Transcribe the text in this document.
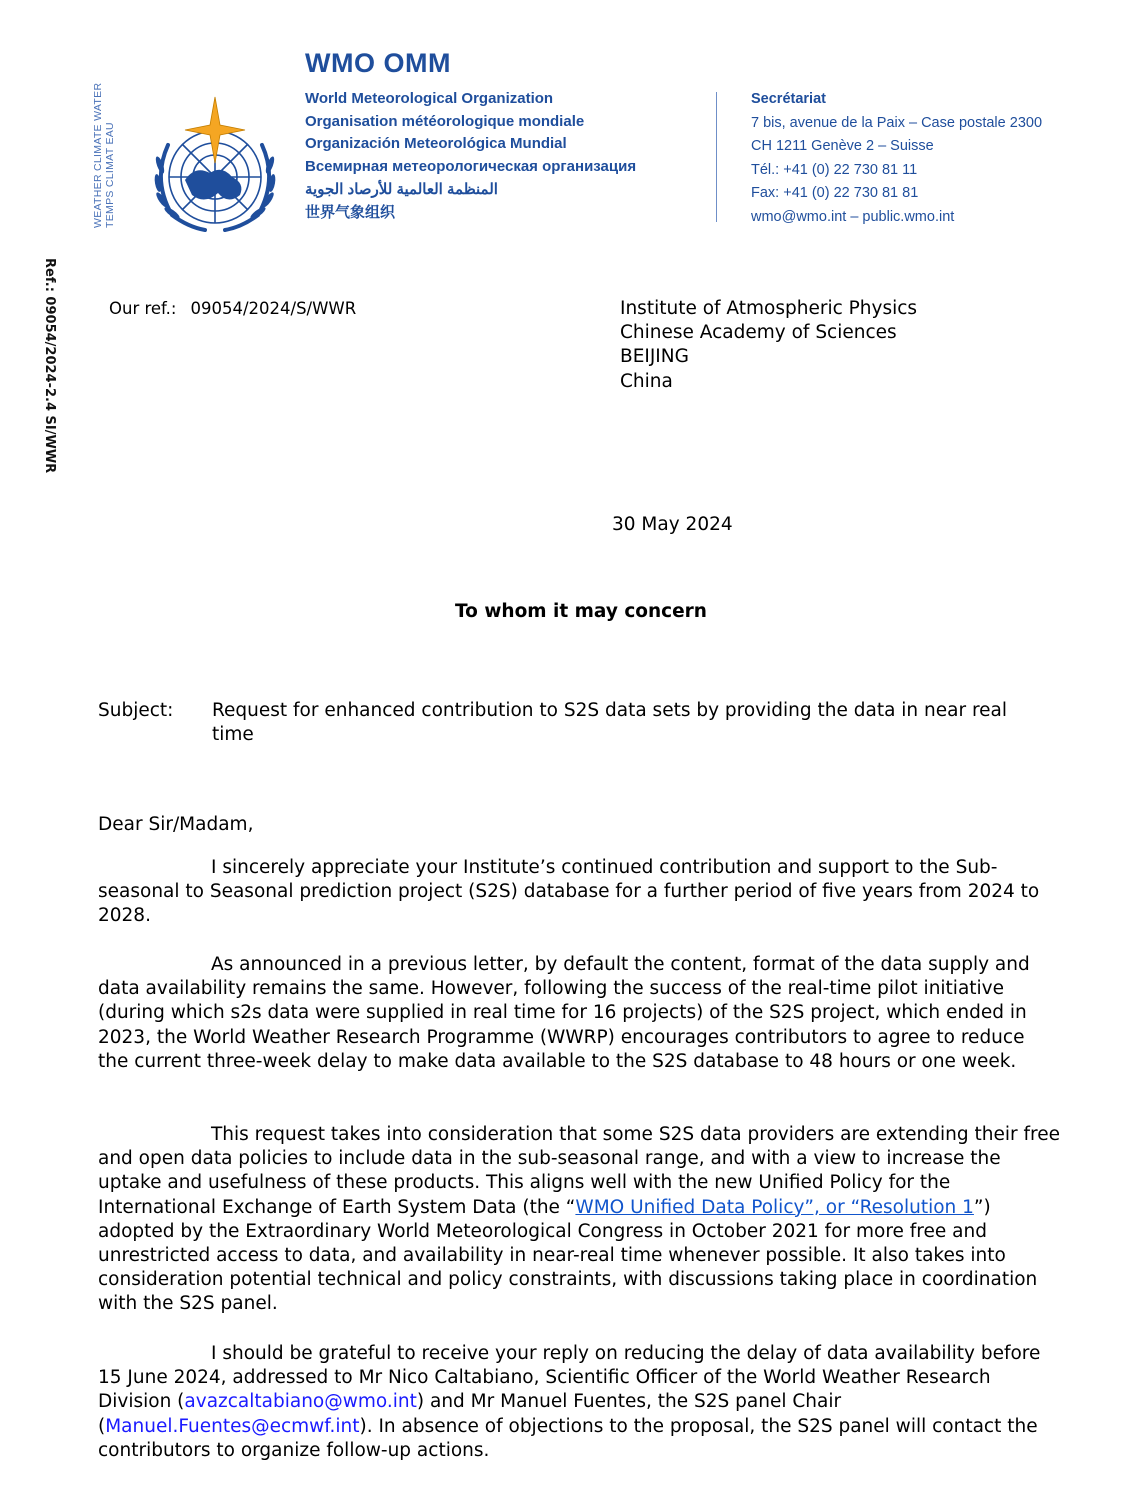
WEATHER CLIMATE WATER TEMPS CLIMAT EAU
WMO OMM
World Meteorological Organization
Organisation météorologique mondiale
Organización Meteorológica Mundial
Всемирная метеорологическая организация
المنظمة العالمية للأرصاد الجوية
世界气象组织
Secrétariat
7 bis, avenue de la Paix – Case postale 2300
CH 1211 Genève 2 – Suisse
Tél.: +41 (0) 22 730 81 11
Fax: +41 (0) 22 730 81 81
wmo@wmo.int – public.wmo.int
Ref.: 09054/2024-2.4 SI/WWR	Our ref.: 09054/2024/S/WWR	Institute of Atmospheric Physics
Chinese Academy of Sciences
BEIJING
China
30 May 2024
To whom it may concern
Subject: Request for enhanced contribution to S2S data sets by providing the data in near real time
Dear Sir/Madam,
I sincerely appreciate your Institute’s continued contribution and support to the Sub-seasonal to Seasonal prediction project (S2S) database for a further period of five years from 2024 to 2028.
As announced in a previous letter, by default the content, format of the data supply and data availability remains the same. However, following the success of the real-time pilot initiative (during which s2s data were supplied in real time for 16 projects) of the S2S project, which ended in 2023, the World Weather Research Programme (WWRP) encourages contributors to agree to reduce the current three-week delay to make data available to the S2S database to 48 hours or one week.
This request takes into consideration that some S2S data providers are extending their free and open data policies to include data in the sub-seasonal range, and with a view to increase the uptake and usefulness of these products. This aligns well with the new Unified Policy for the International Exchange of Earth System Data (the “WMO Unified Data Policy”, or “Resolution 1”) adopted by the Extraordinary World Meteorological Congress in October 2021 for more free and unrestricted access to data, and availability in near-real time whenever possible. It also takes into consideration potential technical and policy constraints, with discussions taking place in coordination with the S2S panel.
I should be grateful to receive your reply on reducing the delay of data availability before 15 June 2024, addressed to Mr Nico Caltabiano, Scientific Officer of the World Weather Research Division (avazcaltabiano@wmo.int) and Mr Manuel Fuentes, the S2S panel Chair (Manuel.Fuentes@ecmwf.int). In absence of objections to the proposal, the S2S panel will contact the contributors to organize follow-up actions.
